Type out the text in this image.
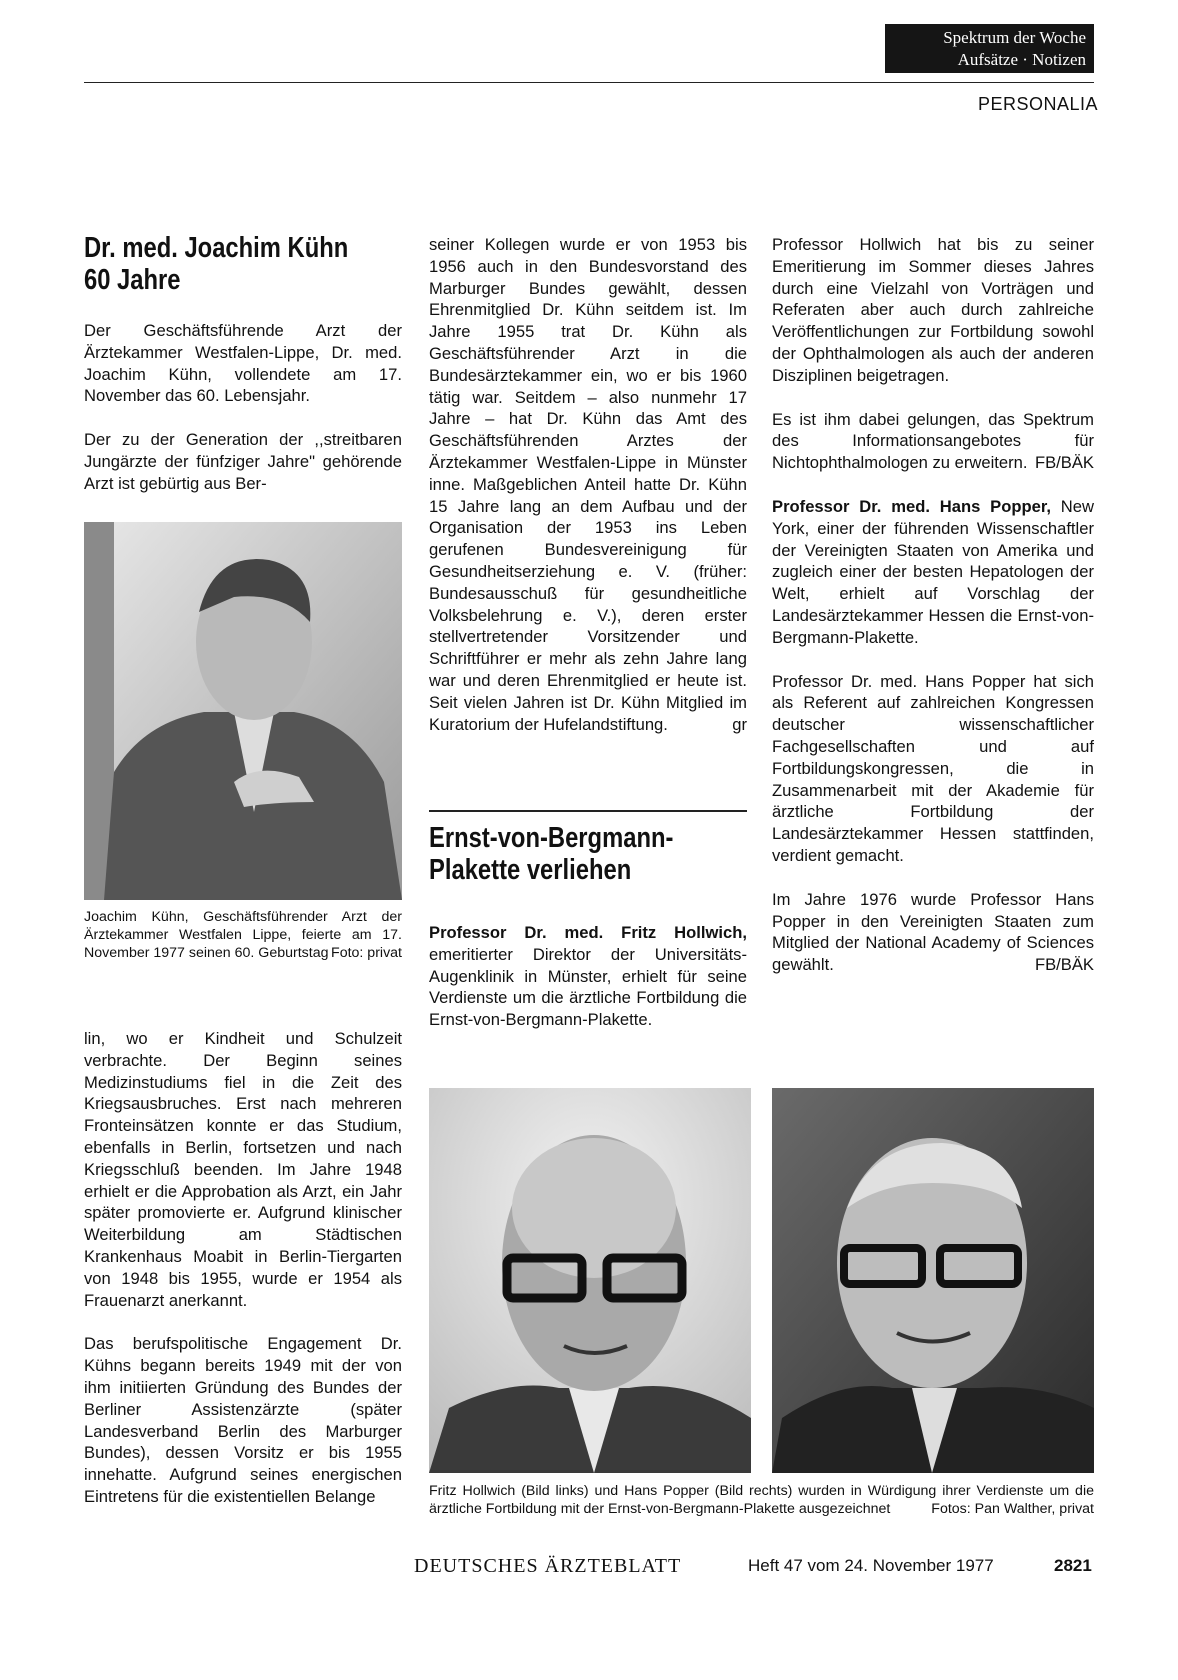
Spektrum der Woche
Aufsätze · Notizen
PERSONALIA
Dr. med. Joachim Kühn
60 Jahre

Der Geschäftsführende Arzt der Ärztekammer Westfalen-Lippe, Dr. med. Joachim Kühn, vollendete am 17. November das 60. Lebensjahr.

Der zu der Generation der ,,streitbaren Jungärzte der fünfziger Jahre" gehörende Arzt ist gebürtig aus Ber-

Joachim Kühn, Geschäftsführender Arzt der Ärztekammer Westfalen Lippe, feierte am 17. November 1977 seinen 60. Geburtstag Foto: privat

lin, wo er Kindheit und Schulzeit verbrachte. Der Beginn seines Medizinstudiums fiel in die Zeit des Kriegsausbruches. Erst nach mehreren Fronteinsätzen konnte er das Studium, ebenfalls in Berlin, fortsetzen und nach Kriegsschluß beenden. Im Jahre 1948 erhielt er die Approbation als Arzt, ein Jahr später promovierte er. Aufgrund klinischer Weiterbildung am Städtischen Krankenhaus Moabit in Berlin-Tiergarten von 1948 bis 1955, wurde er 1954 als Frauenarzt anerkannt.

Das berufspolitische Engagement Dr. Kühns begann bereits 1949 mit der von ihm initiierten Gründung des Bundes der Berliner Assistenzärzte (später Landesverband Berlin des Marburger Bundes), dessen Vorsitz er bis 1955 innehatte. Aufgrund seines energischen Eintretens für die existentiellen Belange

seiner Kollegen wurde er von 1953 bis 1956 auch in den Bundesvorstand des Marburger Bundes gewählt, dessen Ehrenmitglied Dr. Kühn seitdem ist. Im Jahre 1955 trat Dr. Kühn als Geschäftsführender Arzt in die Bundesärztekammer ein, wo er bis 1960 tätig war. Seitdem – also nunmehr 17 Jahre – hat Dr. Kühn das Amt des Geschäftsführenden Arztes der Ärztekammer Westfalen-Lippe in Münster inne. Maßgeblichen Anteil hatte Dr. Kühn 15 Jahre lang an dem Aufbau und der Organisation der 1953 ins Leben gerufenen Bundesvereinigung für Gesundheitserziehung e. V. (früher: Bundesausschuß für gesundheitliche Volksbelehrung e. V.), deren erster stellvertretender Vorsitzender und Schriftführer er mehr als zehn Jahre lang war und deren Ehrenmitglied er heute ist. Seit vielen Jahren ist Dr. Kühn Mitglied im Kuratorium der Hufelandstiftung.	gr

Ernst-von-Bergmann-
Plakette verliehen

Professor Dr. med. Fritz Hollwich, emeritierter Direktor der Universitäts-Augenklinik in Münster, erhielt für seine Verdienste um die ärztliche Fortbildung die Ernst-von-Bergmann-Plakette.

Professor Hollwich hat bis zu seiner Emeritierung im Sommer dieses Jahres durch eine Vielzahl von Vorträgen und Referaten aber auch durch zahlreiche Veröffentlichungen zur Fortbildung sowohl der Ophthalmologen als auch der anderen Disziplinen beigetragen.

Es ist ihm dabei gelungen, das Spektrum des Informationsangebotes für Nichtophthalmologen zu erweitern. FB/BÄK

Professor Dr. med. Hans Popper, New York, einer der führenden Wissenschaftler der Vereinigten Staaten von Amerika und zugleich einer der besten Hepatologen der Welt, erhielt auf Vorschlag der Landesärztekammer Hessen die Ernst-von-Bergmann-Plakette.

Professor Dr. med. Hans Popper hat sich als Referent auf zahlreichen Kongressen deutscher wissenschaftlicher Fachgesellschaften und auf Fortbildungskongressen, die in Zusammenarbeit mit der Akademie für ärztliche Fortbildung der Landesärztekammer Hessen stattfinden, verdient gemacht.

Im Jahre 1976 wurde Professor Hans Popper in den Vereinigten Staaten zum Mitglied der National Academy of Sciences gewählt.	FB/BÄK

Fritz Hollwich (Bild links) und Hans Popper (Bild rechts) wurden in Würdigung ihrer Verdienste um die ärztliche Fortbildung mit der Ernst-von-Bergmann-Plakette ausgezeichnet	Fotos: Pan Walther, privat
DEUTSCHES ÄRZTEBLATT	Heft 47 vom 24. November 1977	2821
